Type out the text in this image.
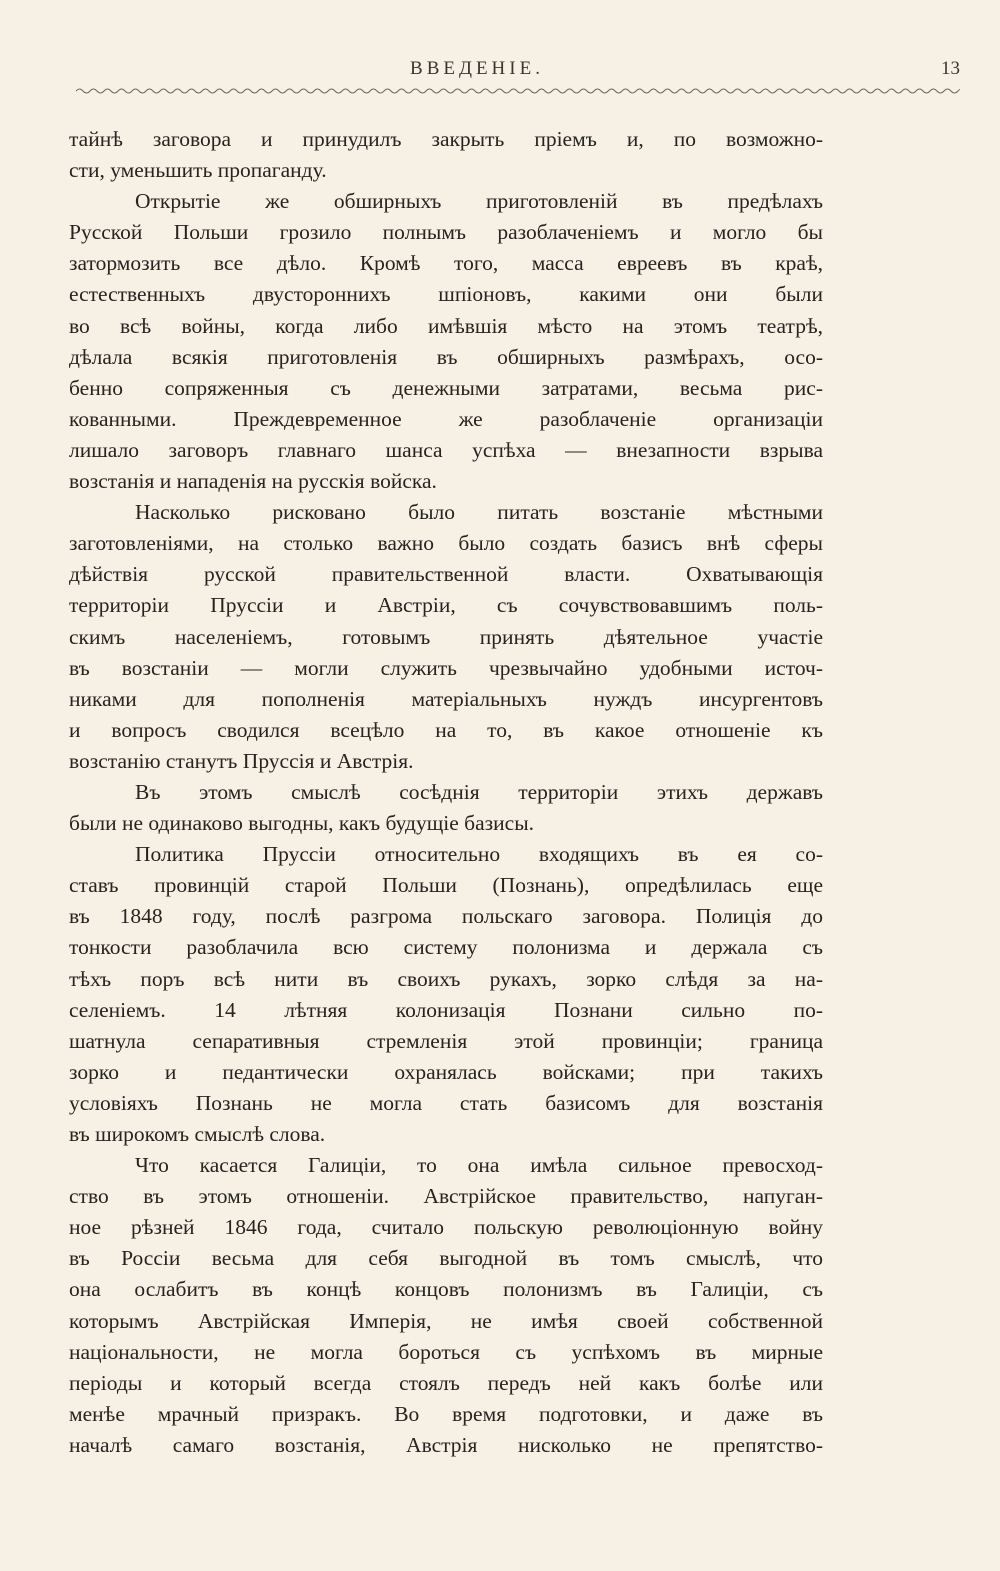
ВВЕДЕНІЕ.	13
тайнѣ заговора и принудилъ закрыть пріемъ и, по возможно-
сти, уменьшить пропаганду.
Открытіе же обширныхъ приготовленій въ предѣлахъ
Русской Польши грозило полнымъ разоблаченіемъ и могло бы
затормозить все дѣло. Кромѣ того, масса евреевъ въ краѣ,
естественныхъ двустороннихъ шпіоновъ, какими они были
во всѣ войны, когда либо имѣвшія мѣсто на этомъ театрѣ,
дѣлала всякія приготовленія въ обширныхъ размѣрахъ, осо-
бенно сопряженныя съ денежными затратами, весьма рис-
кованными. Преждевременное же разоблаченіе организаціи
лишало заговоръ главнаго шанса успѣха — внезапности взрыва
возстанія и нападенія на русскія войска.
Насколько рисковано было питать возстаніе мѣстными
заготовленіями, на столько важно было создать базисъ внѣ сферы
дѣйствія русской правительственной власти. Охватывающія
территоріи Пруссіи и Австріи, съ сочувствовавшимъ поль-
скимъ населеніемъ, готовымъ принять дѣятельное участіе
въ возстаніи — могли служить чрезвычайно удобными источ-
никами для пополненія матеріальныхъ нуждъ инсургентовъ
и вопросъ сводился всецѣло на то, въ какое отношеніе къ
возстанію станутъ Пруссія и Австрія.
Въ этомъ смыслѣ сосѣднія территоріи этихъ державъ
были не одинаково выгодны, какъ будущіе базисы.
Политика Пруссіи относительно входящихъ въ ея со-
ставъ провинцій старой Польши (Познань), опредѣлилась еще
въ 1848 году, послѣ разгрома польскаго заговора. Полиція до
тонкости разоблачила всю систему полонизма и держала съ
тѣхъ поръ всѣ нити въ своихъ рукахъ, зорко слѣдя за на-
селеніемъ. 14 лѣтняя колонизація Познани сильно по-
шатнула сепаративныя стремленія этой провинціи; граница
зорко и педантически охранялась войсками; при такихъ
условіяхъ Познань не могла стать базисомъ для возстанія
въ широкомъ смыслѣ слова.
Что касается Галиціи, то она имѣла сильное превосход-
ство въ этомъ отношеніи. Австрійское правительство, напуган-
ное рѣзней 1846 года, считало польскую революціонную войну
въ Россіи весьма для себя выгодной въ томъ смыслѣ, что
она ослабитъ въ концѣ концовъ полонизмъ въ Галиціи, съ
которымъ Австрійская Имперія, не имѣя своей собственной
національности, не могла бороться съ успѣхомъ въ мирные
періоды и который всегда стоялъ передъ ней какъ болѣе или
менѣе мрачный призракъ. Во время подготовки, и даже въ
началѣ самаго возстанія, Австрія нисколько не препятство-
